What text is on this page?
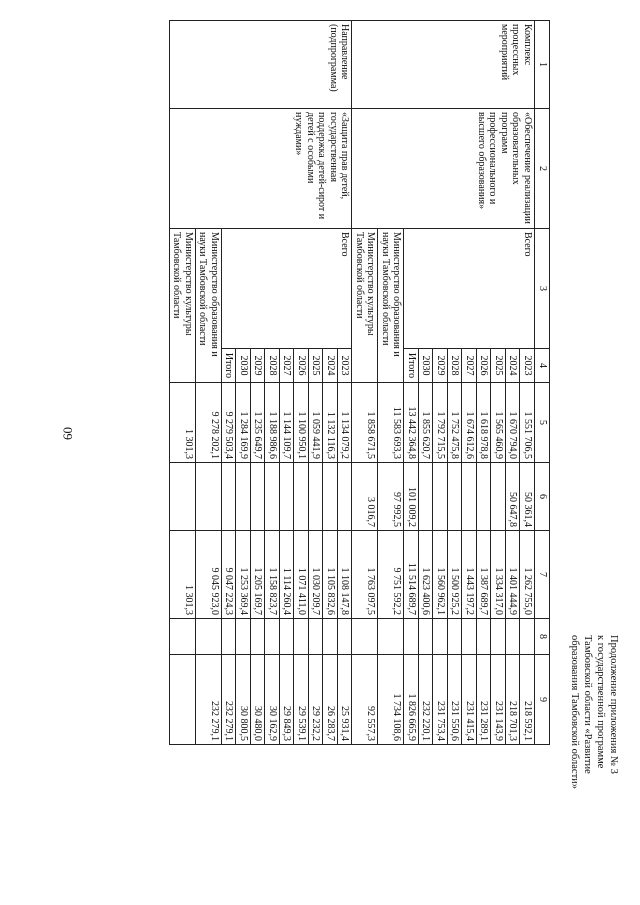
60
Продолжение приложения № 3
к государственной программе
Тамбовской области «Развитие
образования Тамбовской области»
1	2	3	4	5	6	7	8	9
Комплекс процессных мероприятий	«Обеспечение реализации образовательных программ профессионального и высшего образования»	Всего	2023	1 551 706,5	50 361,4	1 262 755,0		218 592,1
			2024	1 670 794,0	50 647,8	1 401 444,9		218 701,3
			2025	1 565 460,9		1 334 317,0		231 143,9
			2026	1 618 978,8		1 387 689,7		231 289,1
			2027	1 674 612,6		1 443 197,2		231 415,4
			2028	1 752 475,8		1 500 925,2		231 550,6
			2029	1 792 715,5		1 560 962,1		231 753,4
			2030	1 855 620,7		1 623 400,6		232 220,1
			Итого	13 442 364,8	101 009,2	11 514 689,7		1 826 665,9
		Министерство образования и науки Тамбовской области		11 583 693,3	97 992,5	9 751 592,2		1 734 108,6
		Министерство культуры Тамбовской области		1 858 671,5	3 016,7	1 763 097,5		92 557,3
Направление (подпрограмма)	«Защита прав детей, государственная поддержка детей-сирот и детей с особыми нуждами»	Всего	2023	1 134 079,2		1 108 147,8		25 931,4
			2024	1 132 116,3		1 105 832,6		26 283,7
			2025	1 059 441,9		1 030 209,7		29 232,2
			2026	1 100 950,1		1 071 411,0		29 539,1
			2027	1 144 109,7		1 114 260,4		29 849,3
			2028	1 188 986,6		1 158 823,7		30 162,9
			2029	1 235 649,7		1 205 169,7		30 480,0
			2030	1 284 169,9		1 253 369,4		30 800,5
			Итого	9 279 503,4		9 047 224,3		232 279,1
		Министерство образования и науки Тамбовской области		9 278 202,1		9 045 923,0		232 279,1
		Министерство культуры Тамбовской области		1 301,3		1 301,3		
